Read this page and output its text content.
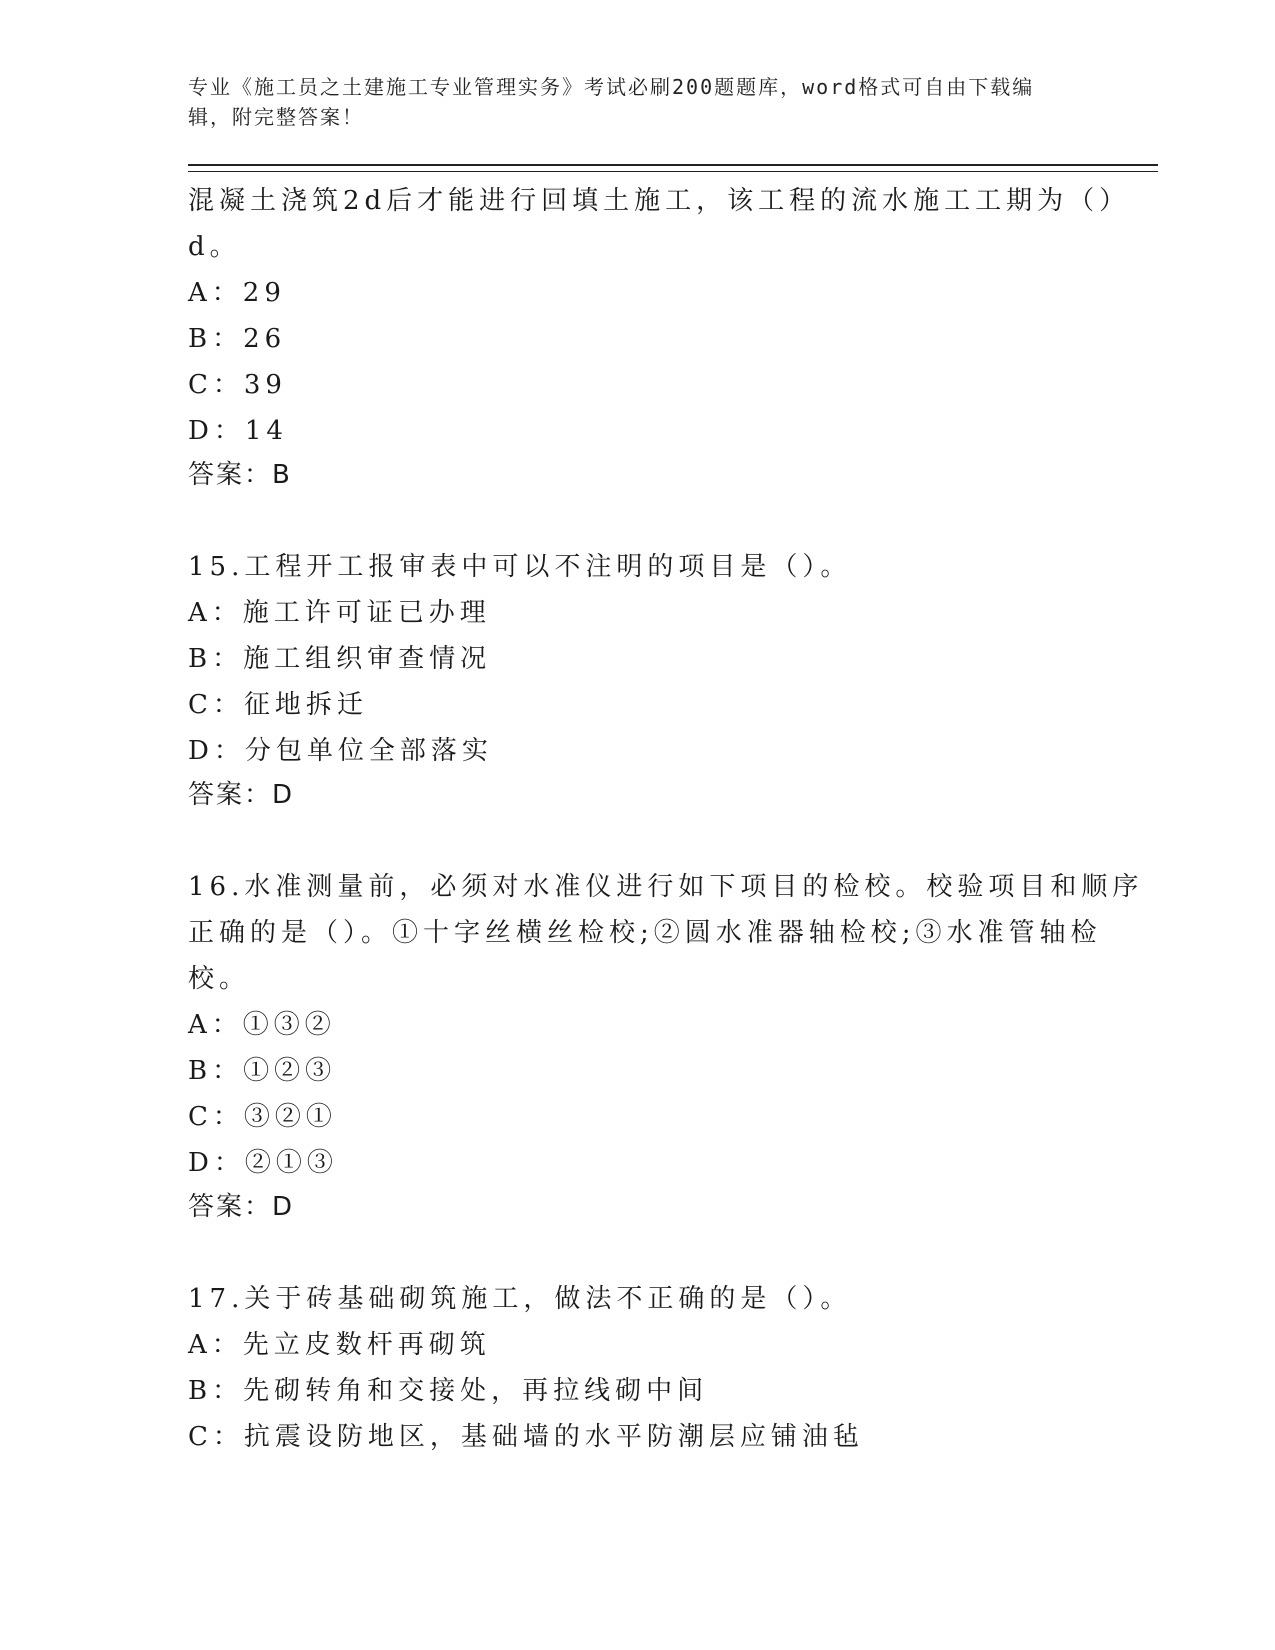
专业《施工员之土建施工专业管理实务》考试必刷200题题库，word格式可自由下载编辑，附完整答案！
混凝土浇筑2d后才能进行回填土施工，该工程的流水施工工期为（）
d。
A：29
B：26
C：39
D：14
答案：B
15.工程开工报审表中可以不注明的项目是（）。
A：施工许可证已办理
B：施工组织审查情况
C：征地拆迁
D：分包单位全部落实
答案：D
16.水准测量前，必须对水准仪进行如下项目的检校。校验项目和顺序
正确的是（）。①十字丝横丝检校;②圆水准器轴检校;③水准管轴检
校。
A：①③②
B：①②③
C：③②①
D：②①③
答案：D
17.关于砖基础砌筑施工，做法不正确的是（）。
A：先立皮数杆再砌筑
B：先砌转角和交接处，再拉线砌中间
C：抗震设防地区，基础墙的水平防潮层应铺油毡
